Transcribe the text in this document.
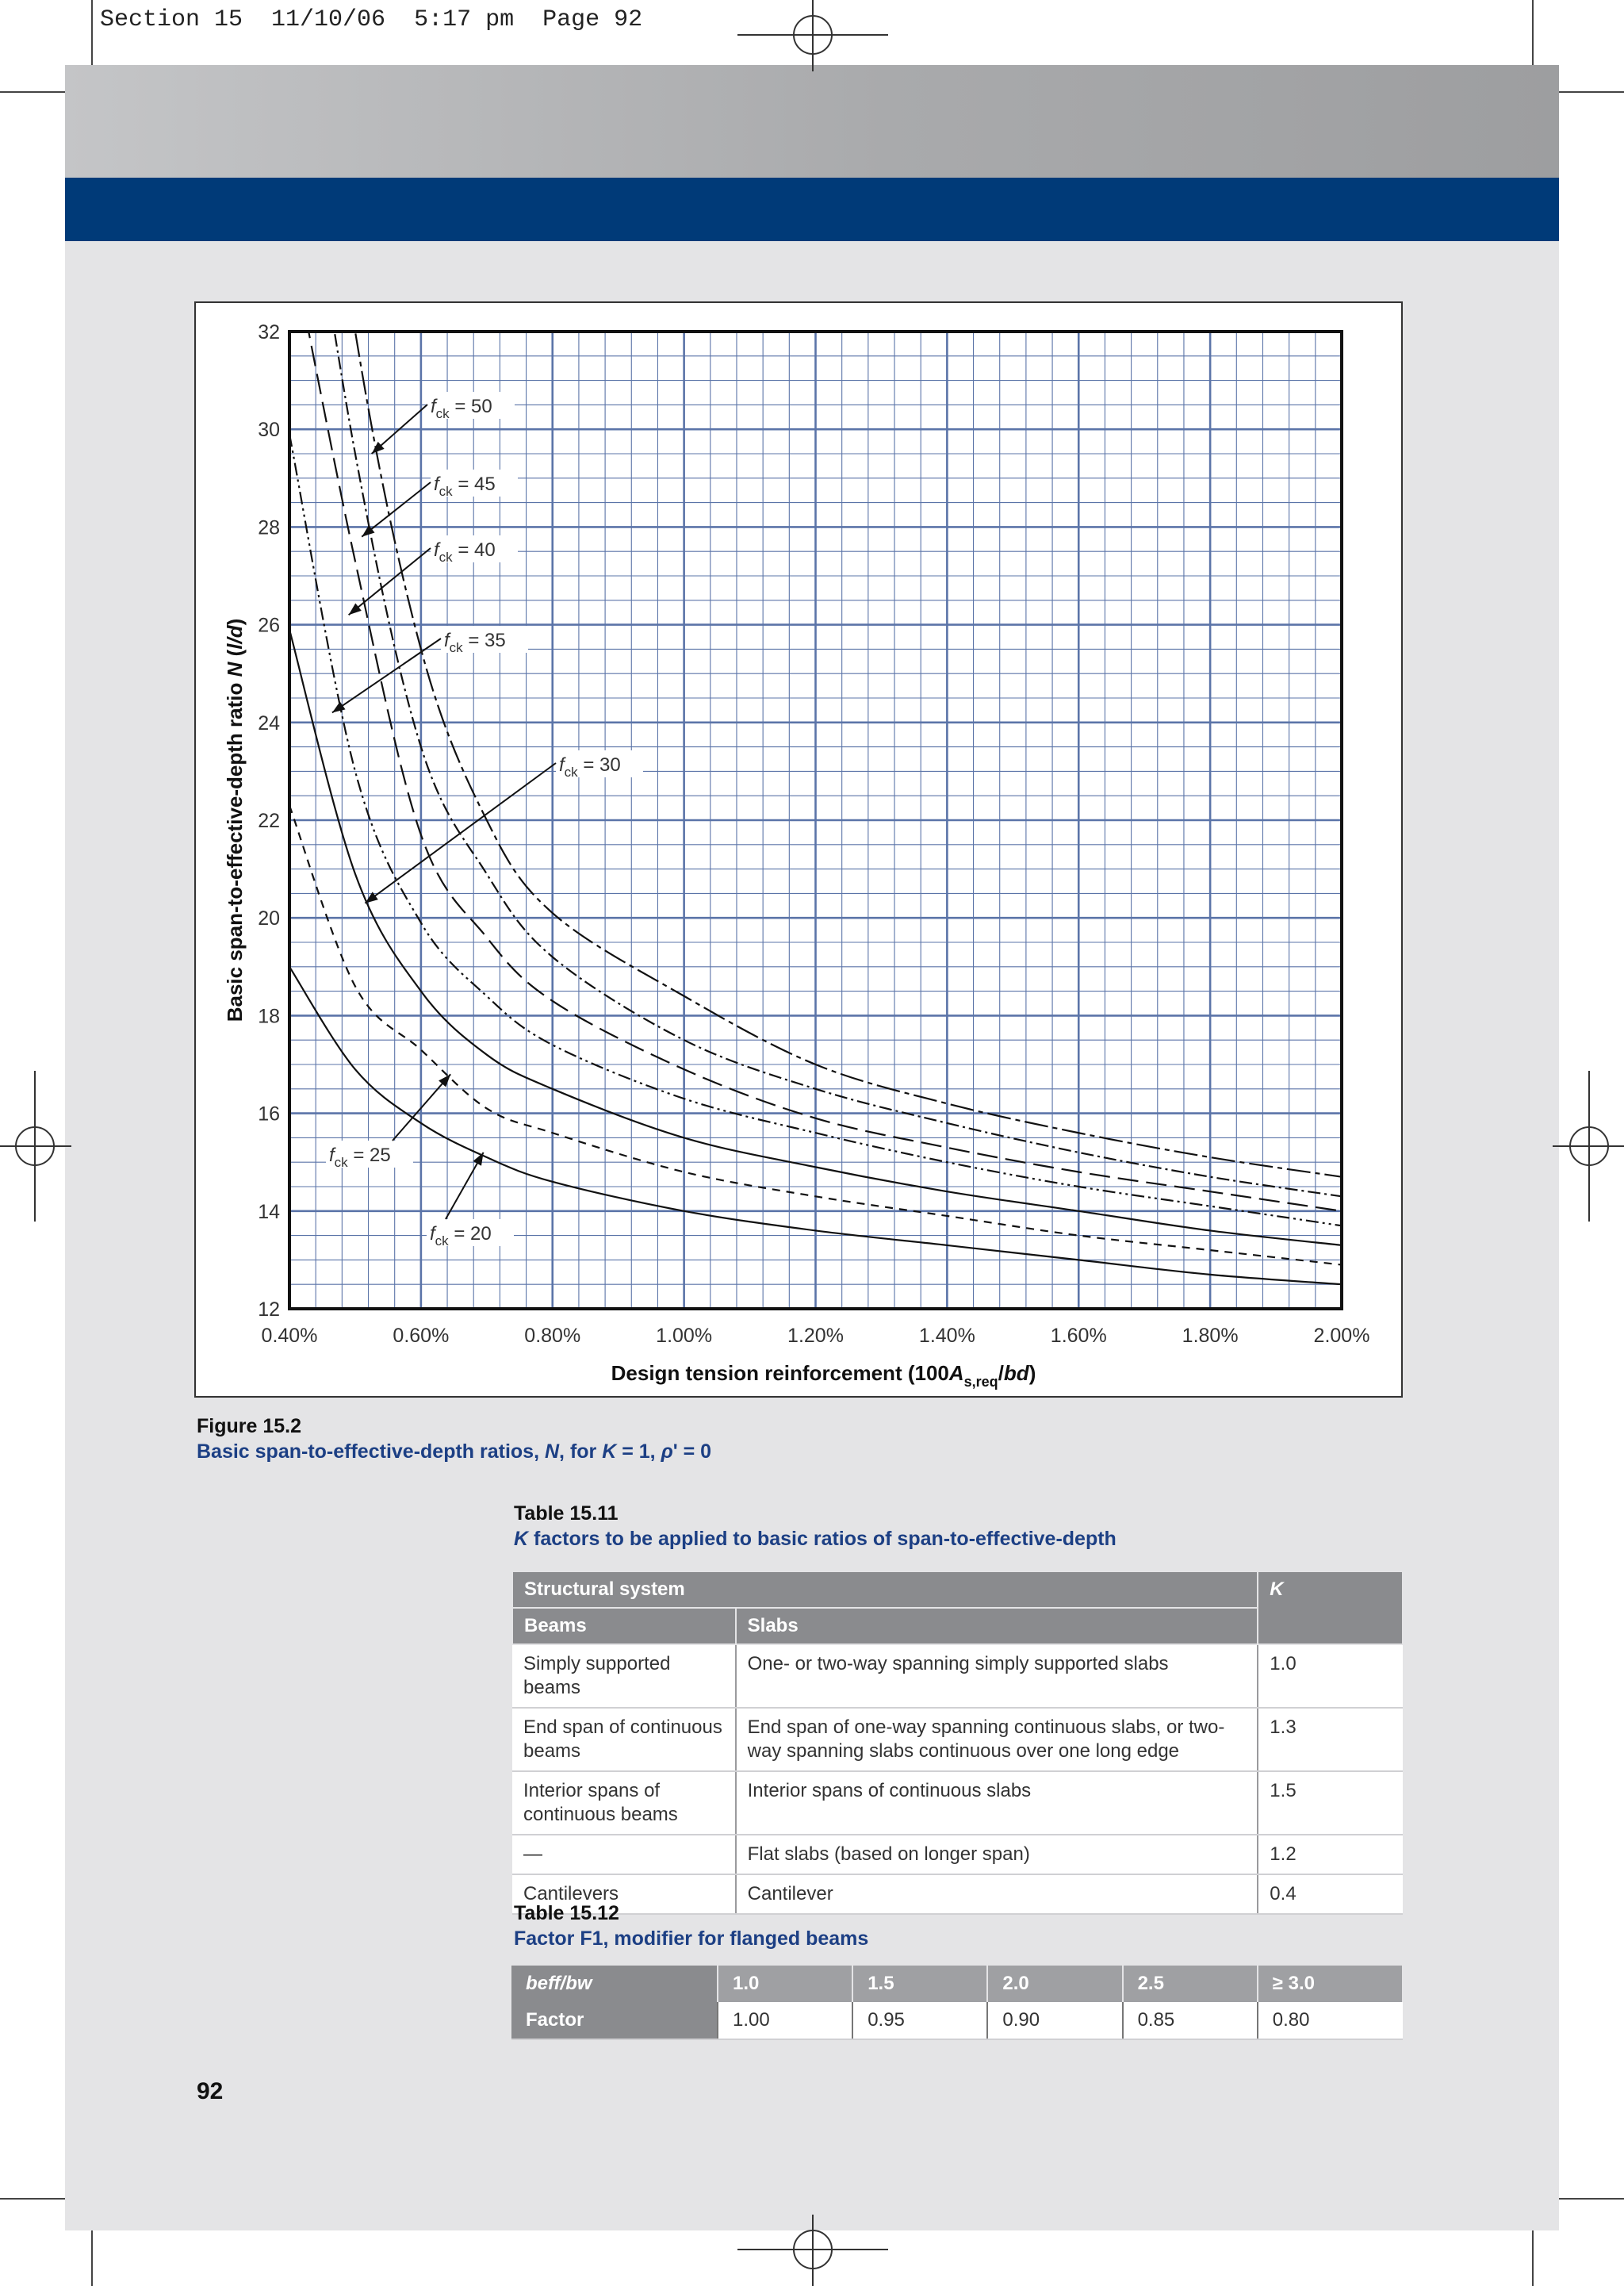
Section 15  11/10/06  5:17 pm  Page 92
0.40%	0.60%	0.80%	1.00%	1.20%	1.40%	1.60%	1.80%	2.00%
12
14
16
18
20
22
24
26
28
30
32
Design tension reinforcement $(100A_{s,req}/bd)$
Basic span-to-effective-depth ratio N (l/d)
$f_{ck} = 50$
$f_{ck} = 45$
$f_{ck} = 40$
$f_{ck} = 35$
$f_{ck} = 30$
$f_{ck} = 25$
$f_{ck} = 20$
Figure 15.2
Basic span-to-effective-depth ratios, N, for K = 1, ρ' = 0
Table 15.11
K factors to be applied to basic ratios of span-to-effective-depth
Structural system		K
Beams	Slabs	
Simply supported beams	One- or two-way spanning simply supported slabs	1.0
End span of continuous beams	End span of one-way spanning continuous slabs, or two-way spanning slabs continuous over one long edge	1.3
Interior spans of continuous beams	Interior spans of continuous slabs	1.5
—	Flat slabs (based on longer span)	1.2
Cantilevers	Cantilever	0.4
Table 15.12
Factor F1, modifier for flanged beams
beff/bw	1.0	1.5	2.0	2.5	≥ 3.0
Factor	1.00	0.95	0.90	0.85	0.80
92
